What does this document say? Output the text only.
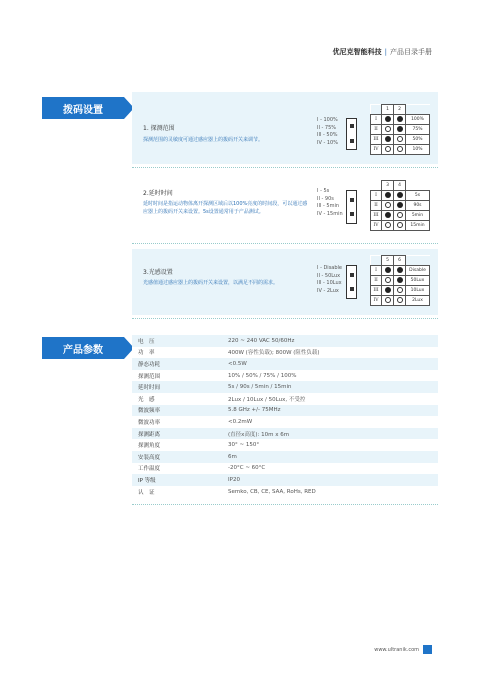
优尼克智能科技 | 产品目录手册
拨码设置
1. 探测范围
探测范围的灵敏度可通过感应器上的拨码开关来调节。
I - 100%
II - 75%
III - 50%
IV - 10%
	1	2	
I			100%
II			75%
III			50%
IV			10%
2.延时时间
延时时间是指运动物体离开探测区域后以100%亮度的时间段，可以通过感应器上的拨码开关来设置。5s设置通常用于产品测试。
I - 5s
II - 90s
III - 5min
IV - 15min
	3	4	
I			5s
II			90s
III			5min
IV			15min
3.光感设置
光感值通过感应器上的拨码开关来设置，以满足不同的需求。
I - Disable
II - 50Lux
III - 10Lux
IV - 2Lux
	5	6	
I			Disable
II			50Lux
III			10Lux
IV			2Lux
产品参数
电　压	220 ~ 240 VAC 50/60Hz
功　率	400W (容性负载); 800W (阻性负载)
静态功耗	<0.5W
探测范围	10% / 50% / 75% / 100%
延时时间	5s / 90s / 5min / 15min
光　感	2Lux / 10Lux / 50Lux, 不受控
微波频率	5.8 GHz +/- 75MHz
微波功率	<0.2mW
探测距离	(直径x高度): 10m x 6m
探测角度	30° ~ 150°
安装高度	6m
工作温度	-20°C ~ 60°C
IP 等级	IP20
认　证	Semko, CB, CE, SAA, RoHs, RED
www.ultranik.com
